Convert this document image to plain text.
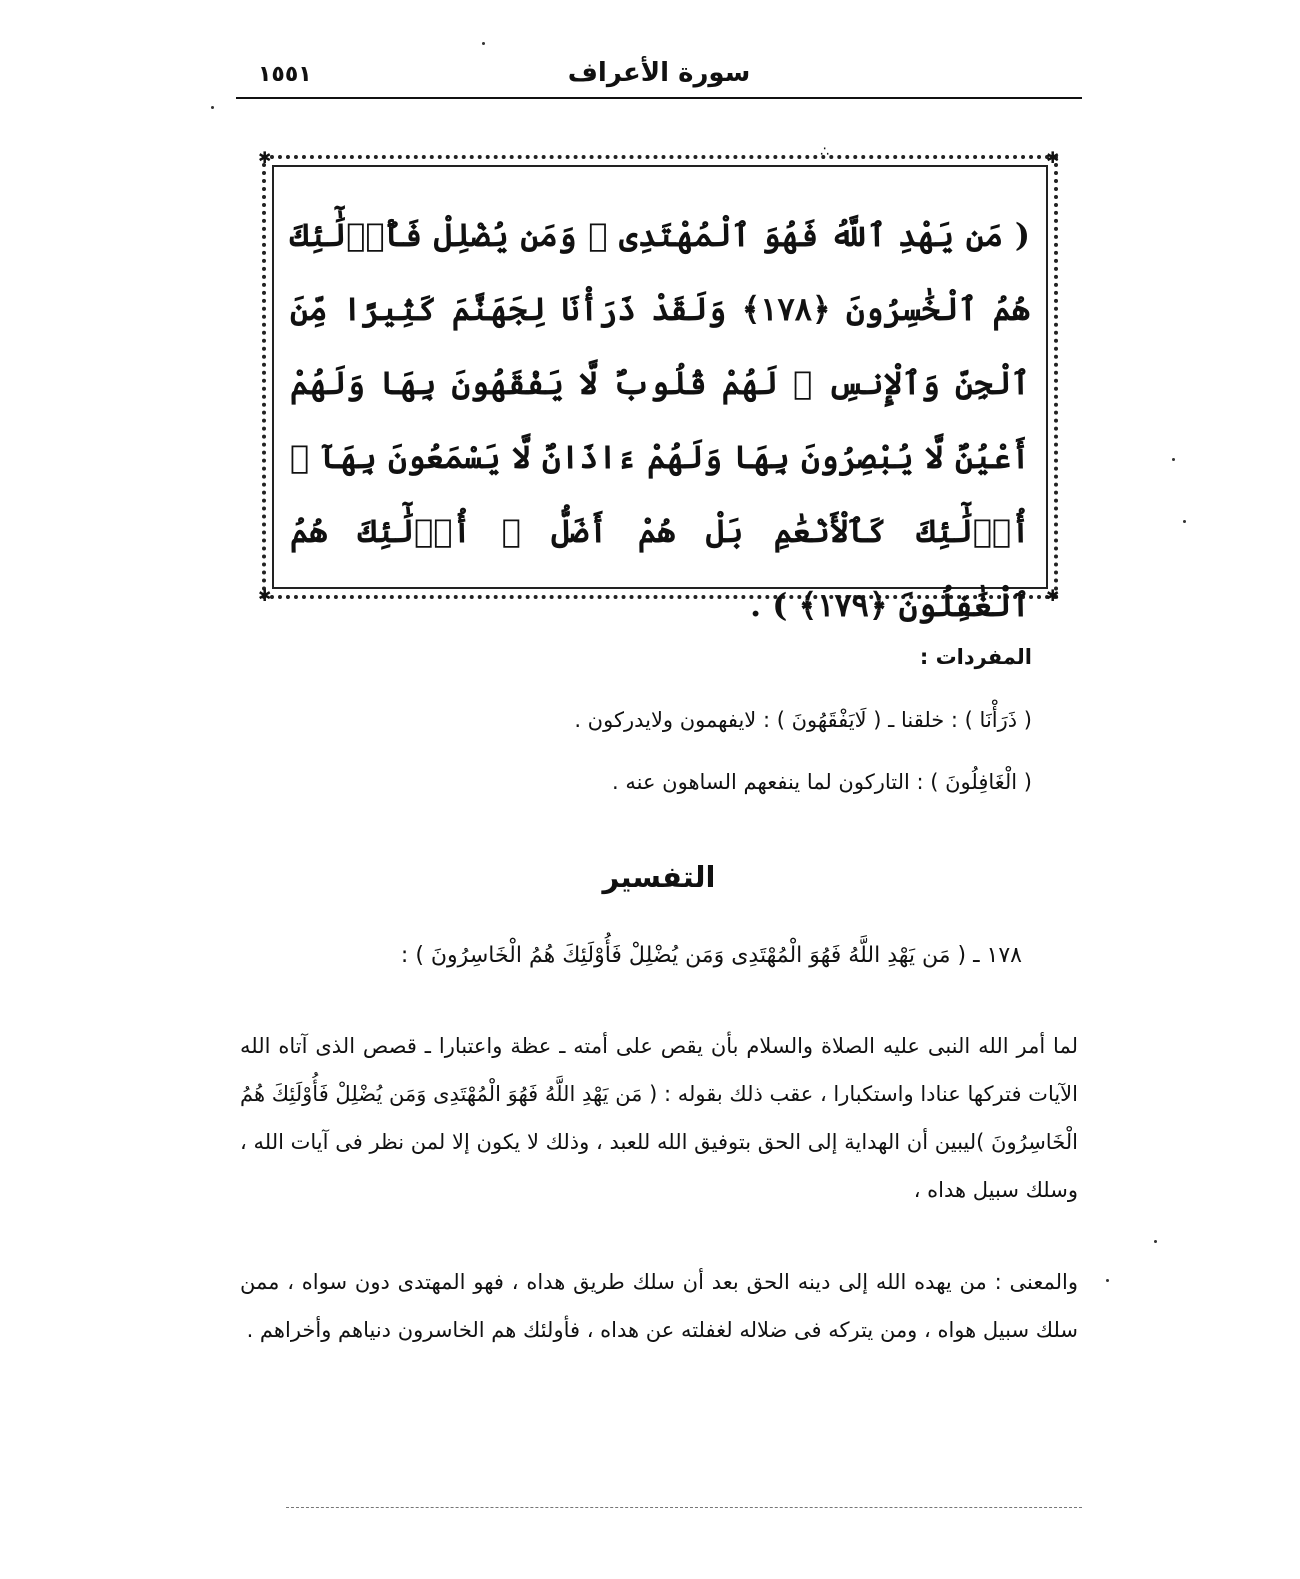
١٥٥١	سورة الأعراف
✱	✱
✱	✱
∴
( مَن يَهْدِ ٱللَّهُ فَهُوَ ٱلْمُهْتَدِى ۖ وَمَن يُضْلِلْ فَأُو۟لَٰٓئِكَ هُمُ ٱلْخَٰسِرُونَ ﴿١٧٨﴾ وَلَقَدْ ذَرَأْنَا لِجَهَنَّمَ كَثِيرًا مِّنَ ٱلْجِنِّ وَٱلْإِنسِ ۖ لَهُمْ قُلُوبٌ لَّا يَفْقَهُونَ بِهَا وَلَهُمْ أَعْيُنٌ لَّا يُبْصِرُونَ بِهَا وَلَهُمْ ءَاذَانٌ لَّا يَسْمَعُونَ بِهَآ ۚ أُو۟لَٰٓئِكَ كَٱلْأَنْعَٰمِ بَلْ هُمْ أَضَلُّ ۚ أُو۟لَٰٓئِكَ هُمُ ٱلْغَٰفِلُونَ ﴿١٧٩﴾ ) .
المفردات :
( ذَرَأْنَا ) : خلقنا ـ ( لَايَفْقَهُونَ ) : لايفهمون ولايدركون .
( الْغَافِلُونَ ) : التاركون لما ينفعهم الساهون عنه .
التفسير
١٧٨ ـ ( مَن يَهْدِ اللَّهُ فَهُوَ الْمُهْتَدِى وَمَن يُضْلِلْ فَأُوْلَئِكَ هُمُ الْخَاسِرُونَ ) :
لما أمر الله النبى عليه الصلاة والسلام بأن يقص على أمته ـ عظة واعتبارا ـ قصص الذى آتاه الله الآيات فتركها عنادا واستكبارا ، عقب ذلك بقوله : ( مَن يَهْدِ اللَّهُ فَهُوَ الْمُهْتَدِى وَمَن يُضْلِلْ فَأُوْلَئِكَ هُمُ الْخَاسِرُونَ )ليبين أن الهداية إلى الحق بتوفيق الله للعبد ، وذلك لا يكون إلا لمن نظر فى آيات الله ، وسلك سبيل هداه ،
والمعنى : من يهده الله إلى دينه الحق بعد أن سلك طريق هداه ، فهو المهتدى دون سواه ، ممن سلك سبيل هواه ، ومن يتركه فى ضلاله لغفلته عن هداه ، فأولئك هم الخاسرون دنياهم وأخراهم .
